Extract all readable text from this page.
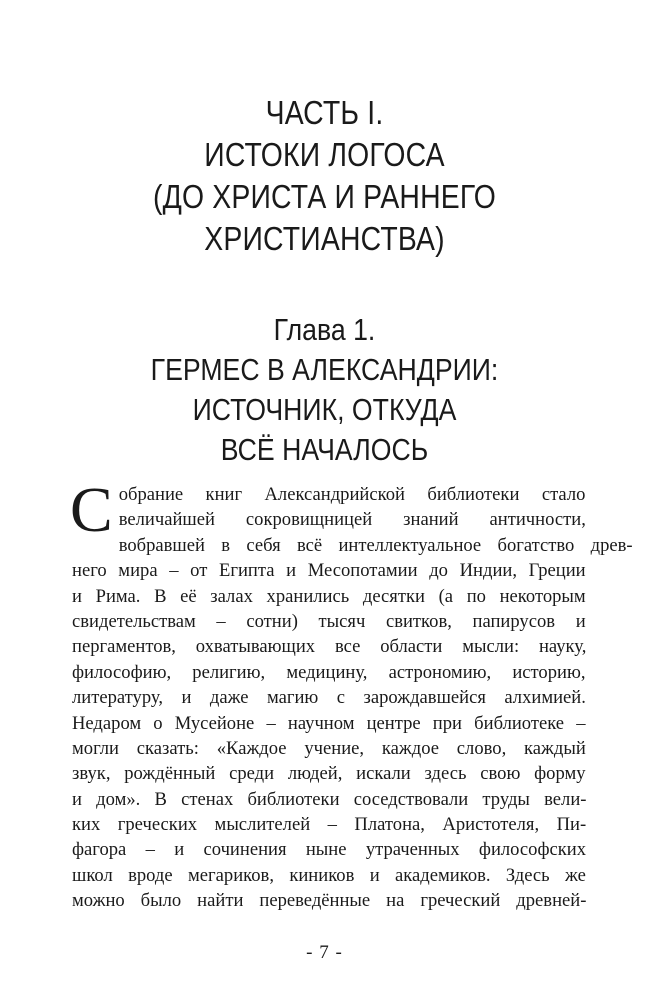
ЧАСТЬ I.
ИСТОКИ ЛОГОСА
(ДО ХРИСТА И РАННЕГО
ХРИСТИАНСТВА)
Глава 1.
ГЕРМЕС В АЛЕКСАНДРИИ:
ИСТОЧНИК, ОТКУДА
ВСЁ НАЧАЛОСЬ
С обрание книг Александрийской библиотеки стало
величайшей сокровищницей знаний античности,
вобравшей в себя всё интеллектуальное богатство древ-
него мира – от Египта и Месопотамии до Индии, Греции
и Рима. В её залах хранились десятки (а по некоторым
свидетельствам – сотни) тысяч свитков, папирусов и
пергаментов, охватывающих все области мысли: науку,
философию, религию, медицину, астрономию, историю,
литературу, и даже магию с зарождавшейся алхимией.
Недаром о Мусейоне – научном центре при библиотеке –
могли сказать: «Каждое учение, каждое слово, каждый
звук, рождённый среди людей, искали здесь свою форму
и дом». В стенах библиотеки соседствовали труды вели-
ких греческих мыслителей – Платона, Аристотеля, Пи-
фагора – и сочинения ныне утраченных философских
школ вроде мегариков, киников и академиков. Здесь же
можно было найти переведённые на греческий древней-
- 7 -
